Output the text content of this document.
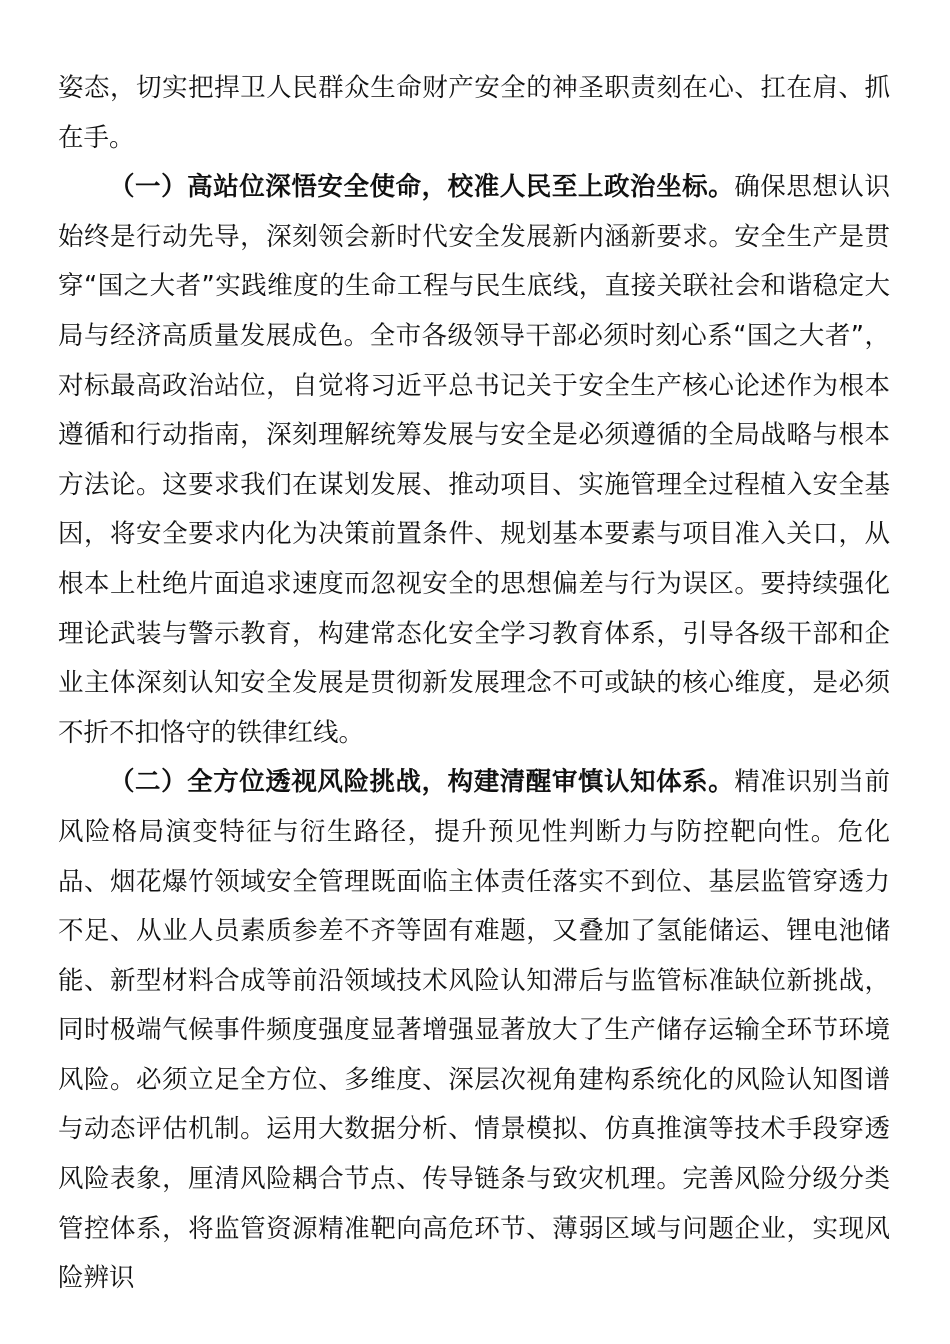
姿态，切实把捍卫人民群众生命财产安全的神圣职责刻在心、扛在肩、抓在手。

（一）高站位深悟安全使命，校准人民至上政治坐标。确保思想认识始终是行动先导，深刻领会新时代安全发展新内涵新要求。安全生产是贯穿“国之大者”实践维度的生命工程与民生底线，直接关联社会和谐稳定大局与经济高质量发展成色。全市各级领导干部必须时刻心系“国之大者”，对标最高政治站位，自觉将习近平总书记关于安全生产核心论述作为根本遵循和行动指南，深刻理解统筹发展与安全是必须遵循的全局战略与根本方法论。这要求我们在谋划发展、推动项目、实施管理全过程植入安全基因，将安全要求内化为决策前置条件、规划基本要素与项目准入关口，从根本上杜绝片面追求速度而忽视安全的思想偏差与行为误区。要持续强化理论武装与警示教育，构建常态化安全学习教育体系，引导各级干部和企业主体深刻认知安全发展是贯彻新发展理念不可或缺的核心维度，是必须不折不扣恪守的铁律红线。

（二）全方位透视风险挑战，构建清醒审慎认知体系。精准识别当前风险格局演变特征与衍生路径，提升预见性判断力与防控靶向性。危化品、烟花爆竹领域安全管理既面临主体责任落实不到位、基层监管穿透力不足、从业人员素质参差不齐等固有难题，又叠加了氢能储运、锂电池储能、新型材料合成等前沿领域技术风险认知滞后与监管标准缺位新挑战，同时极端气候事件频度强度显著增强显著放大了生产储存运输全环节环境风险。必须立足全方位、多维度、深层次视角建构系统化的风险认知图谱与动态评估机制。运用大数据分析、情景模拟、仿真推演等技术手段穿透风险表象，厘清风险耦合节点、传导链条与致灾机理。完善风险分级分类管控体系，将监管资源精准靶向高危环节、薄弱区域与问题企业，实现风险辨识
